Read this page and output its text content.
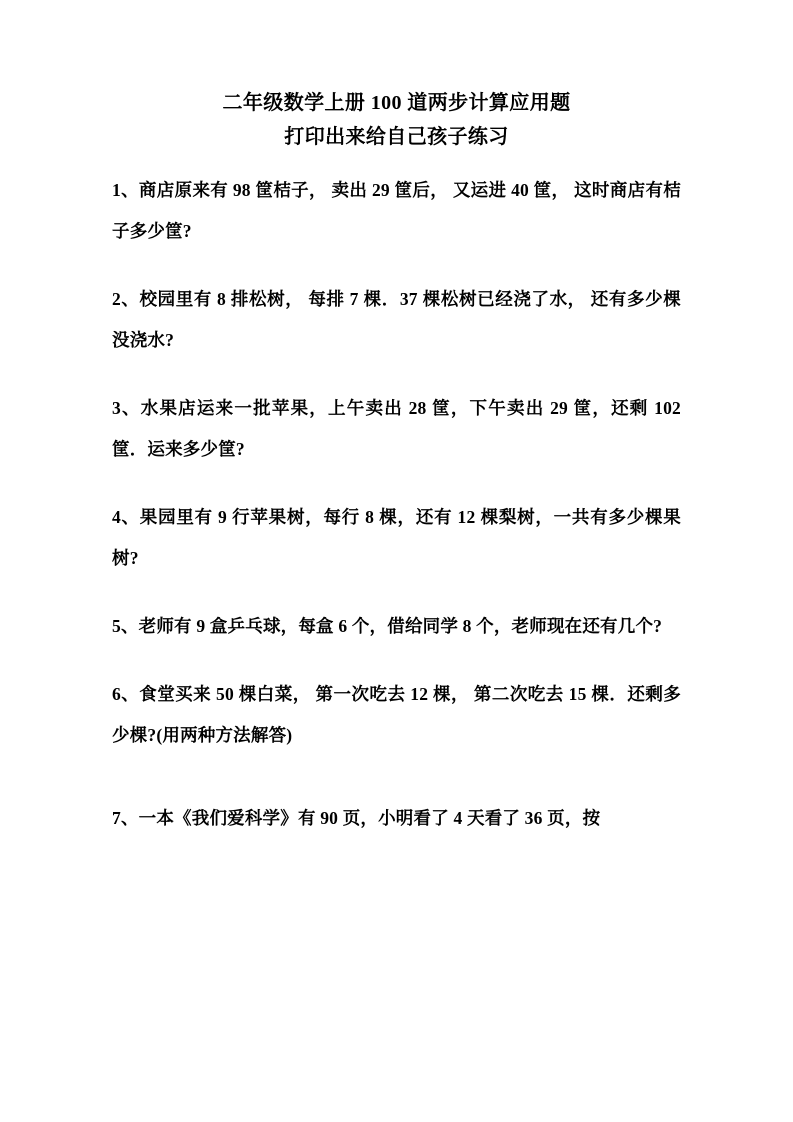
二年级数学上册 100 道两步计算应用题
打印出来给自己孩子练习
1、商店原来有 98 筐桔子， 卖出 29 筐后， 又运进 40 筐， 这时商店有桔子多少筐?
2、校园里有 8 排松树， 每排 7 棵．37 棵松树已经浇了水， 还有多少棵没浇水?
3、水果店运来一批苹果，上午卖出 28 筐，下午卖出 29 筐，还剩 102 筐．运来多少筐?
4、果园里有 9 行苹果树，每行 8 棵，还有 12 棵梨树，一共有多少棵果树?
5、老师有 9 盒乒乓球，每盒 6 个，借给同学 8 个，老师现在还有几个?
6、食堂买来 50 棵白菜， 第一次吃去 12 棵， 第二次吃去 15 棵．还剩多少棵?(用两种方法解答)
7、一本《我们爱科学》有 90 页，小明看了 4 天看了 36 页，按
